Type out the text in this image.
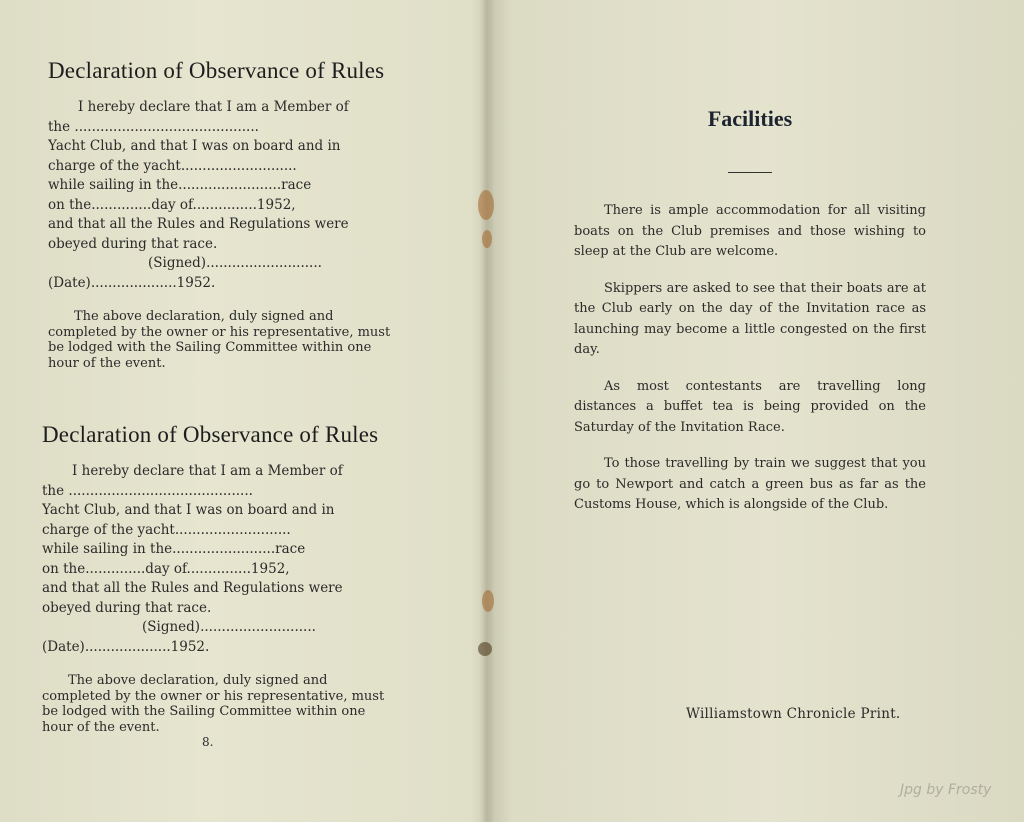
Declaration of Observance of Rules
I hereby declare that I am a Member of
the ...........................................
Yacht Club, and that I was on board and in
charge of the yacht...........................
while sailing in the........................race
on the..............day of...............1952,
and that all the Rules and Regulations were
obeyed during that race.
(Signed)...........................
(Date)....................1952.
The above declaration, duly signed and completed by the owner or his representative, must be lodged with the Sailing Committee within one hour of the event.
Declaration of Observance of Rules
I hereby declare that I am a Member of
the ...........................................
Yacht Club, and that I was on board and in
charge of the yacht...........................
while sailing in the........................race
on the..............day of...............1952,
and that all the Rules and Regulations were
obeyed during that race.
(Signed)...........................
(Date)....................1952.
The above declaration, duly signed and completed by the owner or his representative, must be lodged with the Sailing Committee within one hour of the event.
8.
Facilities

There is ample accommodation for all visiting boats on the Club premises and those wishing to sleep at the Club are welcome.

Skippers are asked to see that their boats are at the Club early on the day of the Invitation race as launching may become a little congested on the first day.

As most contestants are travelling long distances a buffet tea is being provided on the Saturday of the Invitation Race.

To those travelling by train we suggest that you go to Newport and catch a green bus as far as the Customs House, which is alongside of the Club.

Williamstown Chronicle Print.
Jpg by Frosty
